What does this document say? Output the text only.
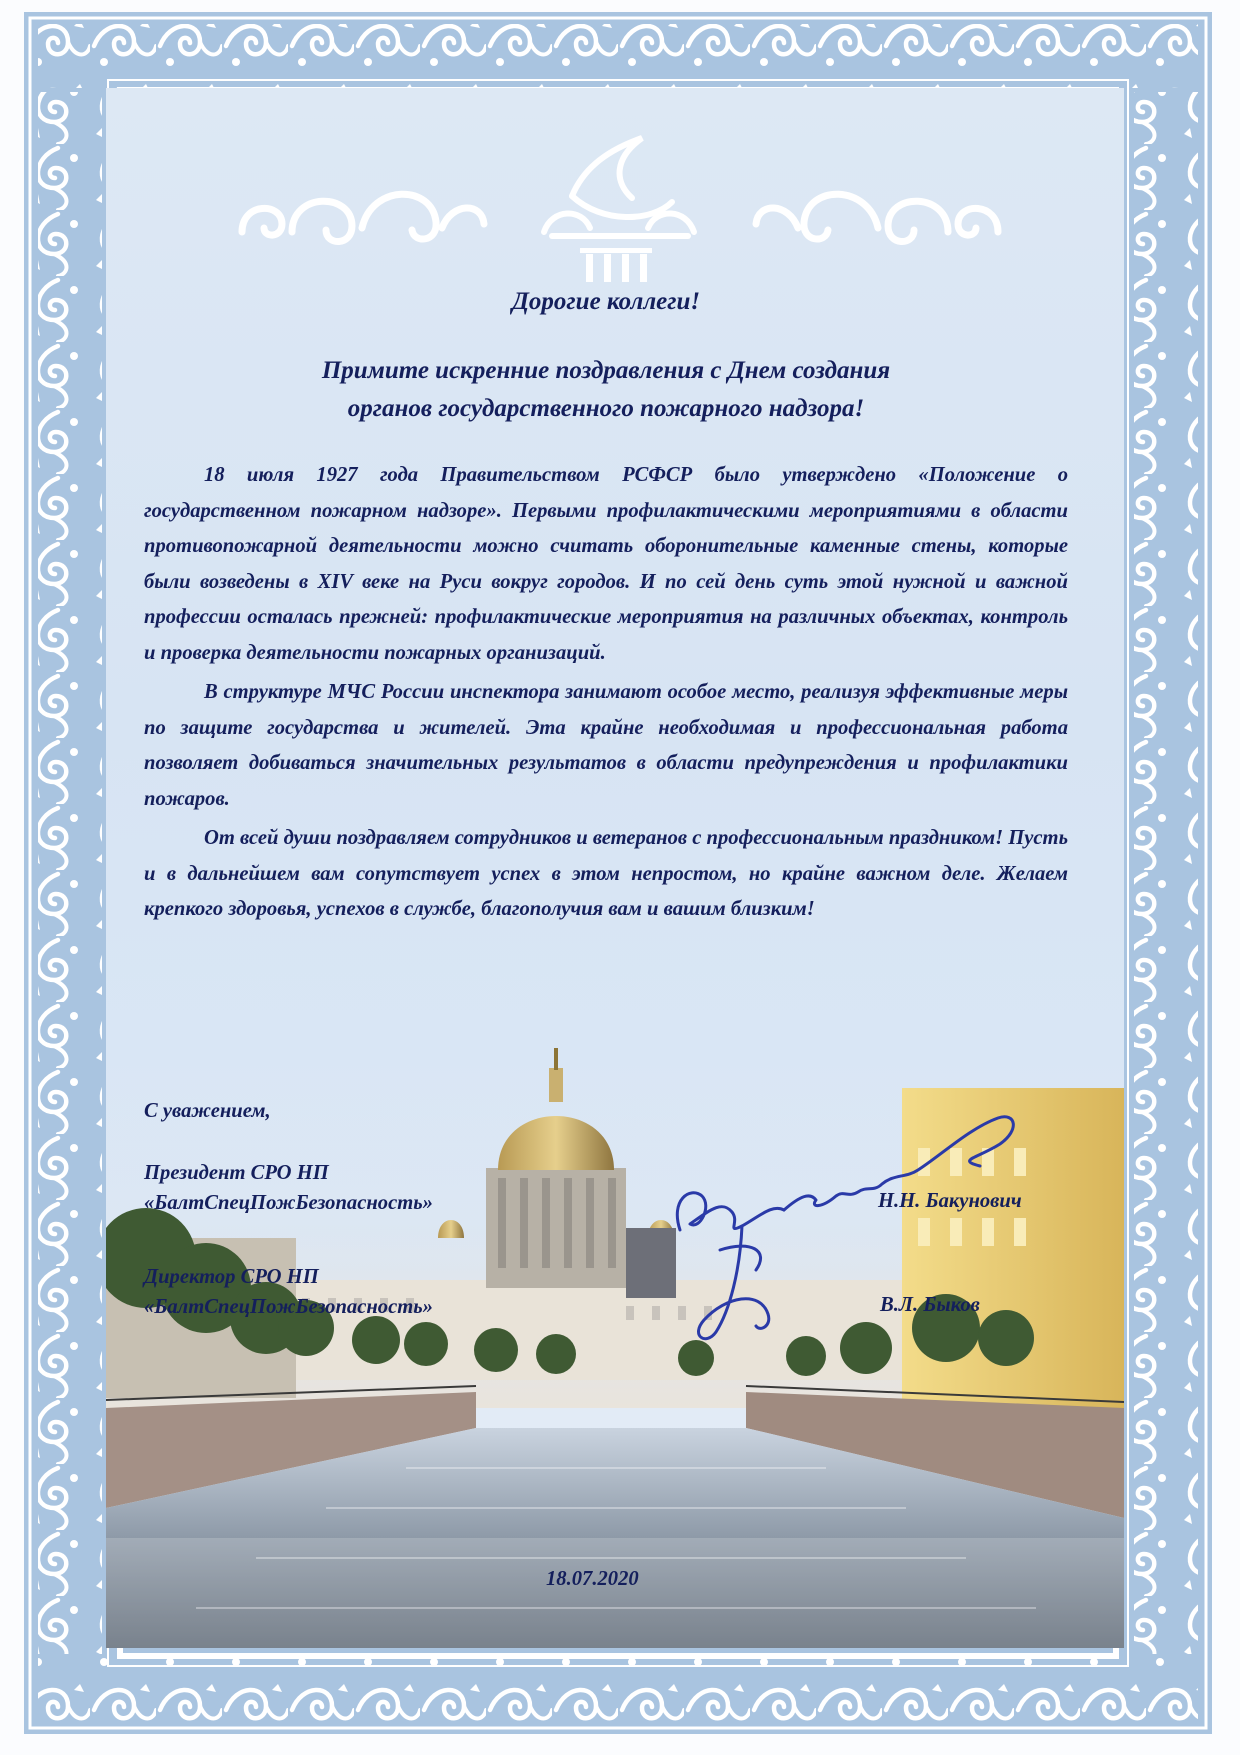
Дорогие коллеги!
Примите искренние поздравления с Днем создания
органов государственного пожарного надзора!

18 июля 1927 года Правительством РСФСР было утверждено «Положение о государственном пожарном надзоре». Первыми профилактическими мероприятиями в области противопожарной деятельности можно считать оборонительные каменные стены, которые были возведены в XIV веке на Руси вокруг городов. И по сей день суть этой нужной и важной профессии осталась прежней: профилактические мероприятия на различных объектах, контроль и проверка деятельности пожарных организаций.

В структуре МЧС России инспектора занимают особое место, реализуя эффективные меры по защите государства и жителей. Эта крайне необходимая и профессиональная работа позволяет добиваться значительных результатов в области предупреждения и профилактики пожаров.

От всей души поздравляем сотрудников и ветеранов с профессиональным праздником! Пусть и в дальнейшем вам сопутствует успех в этом непростом, но крайне важном деле. Желаем крепкого здоровья, успехов в службе, благополучия вам и вашим близким!

С уважением,
Президент СРО НП
«БалтСпецПожБезопасность»	Н.Н. Бакунович
Директор СРО НП
«БалтСпецПожБезопасность»	В.Л. Быков
18.07.2020
